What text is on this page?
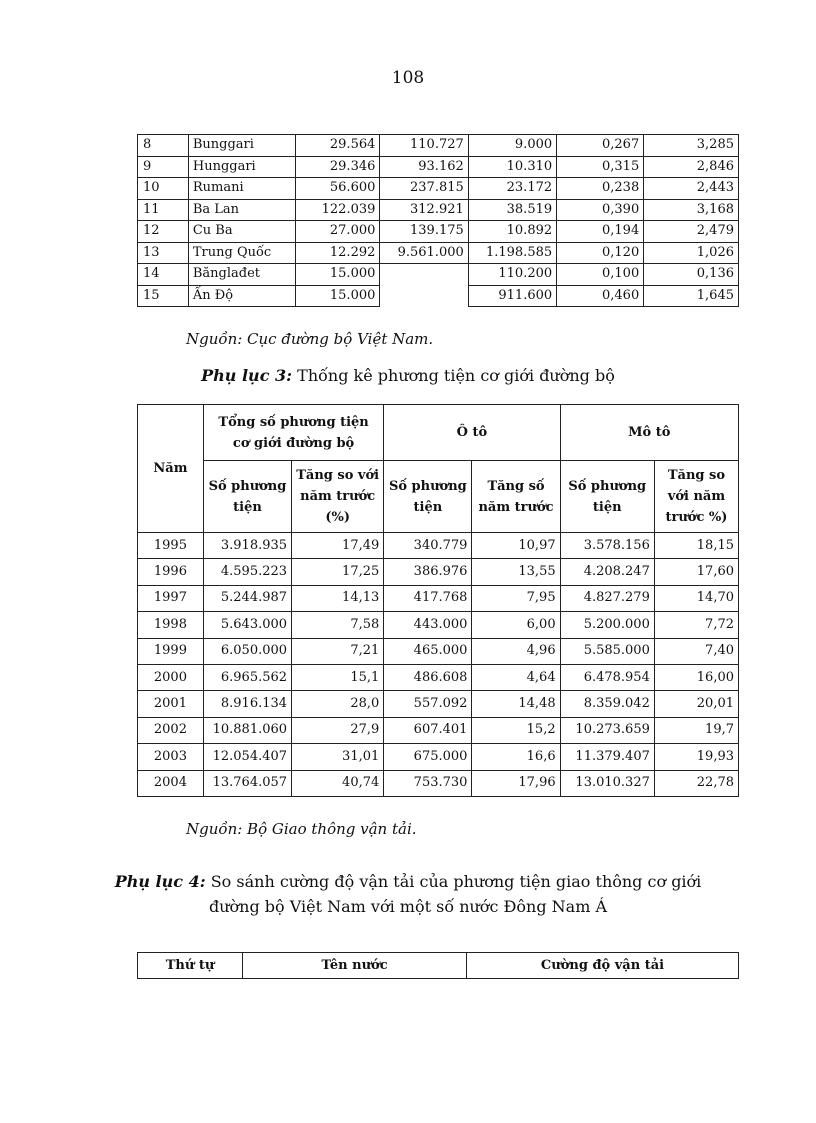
108
8	Bunggari	29.564	110.727	9.000	0,267	3,285
9	Hunggari	29.346	93.162	10.310	0,315	2,846
10	Rumani	56.600	237.815	23.172	0,238	2,443
11	Ba Lan	122.039	312.921	38.519	0,390	3,168
12	Cu Ba	27.000	139.175	10.892	0,194	2,479
13	Trung Quốc	12.292	9.561.000	1.198.585	0,120	1,026
14	Bănglađet	15.000		110.200	0,100	0,136
15	Ấn Độ	15.000		911.600	0,460	1,645
Nguồn: Cục đường bộ Việt Nam.
Phụ lục 3: Thống kê phương tiện cơ giới đường bộ
Năm	Tổng số phương tiện cơ giới đường bộ		Ô tô		Mô tô	
	Số phương tiện	Tăng so với năm trước (%)	Số phương tiện	Tăng số năm trước	Số phương tiện	Tăng so với năm trước %)
1995	3.918.935	17,49	340.779	10,97	3.578.156	18,15
1996	4.595.223	17,25	386.976	13,55	4.208.247	17,60
1997	5.244.987	14,13	417.768	7,95	4.827.279	14,70
1998	5.643.000	7,58	443.000	6,00	5.200.000	7,72
1999	6.050.000	7,21	465.000	4,96	5.585.000	7,40
2000	6.965.562	15,1	486.608	4,64	6.478.954	16,00
2001	8.916.134	28,0	557.092	14,48	8.359.042	20,01
2002	10.881.060	27,9	607.401	15,2	10.273.659	19,7
2003	12.054.407	31,01	675.000	16,6	11.379.407	19,93
2004	13.764.057	40,74	753.730	17,96	13.010.327	22,78
Nguồn: Bộ Giao thông vận tải.
Phụ lục 4: So sánh cường độ vận tải của phương tiện giao thông cơ giới
đường bộ Việt Nam với một số nước Đông Nam Á
Thứ tự	Tên nước	Cường độ vận tải
